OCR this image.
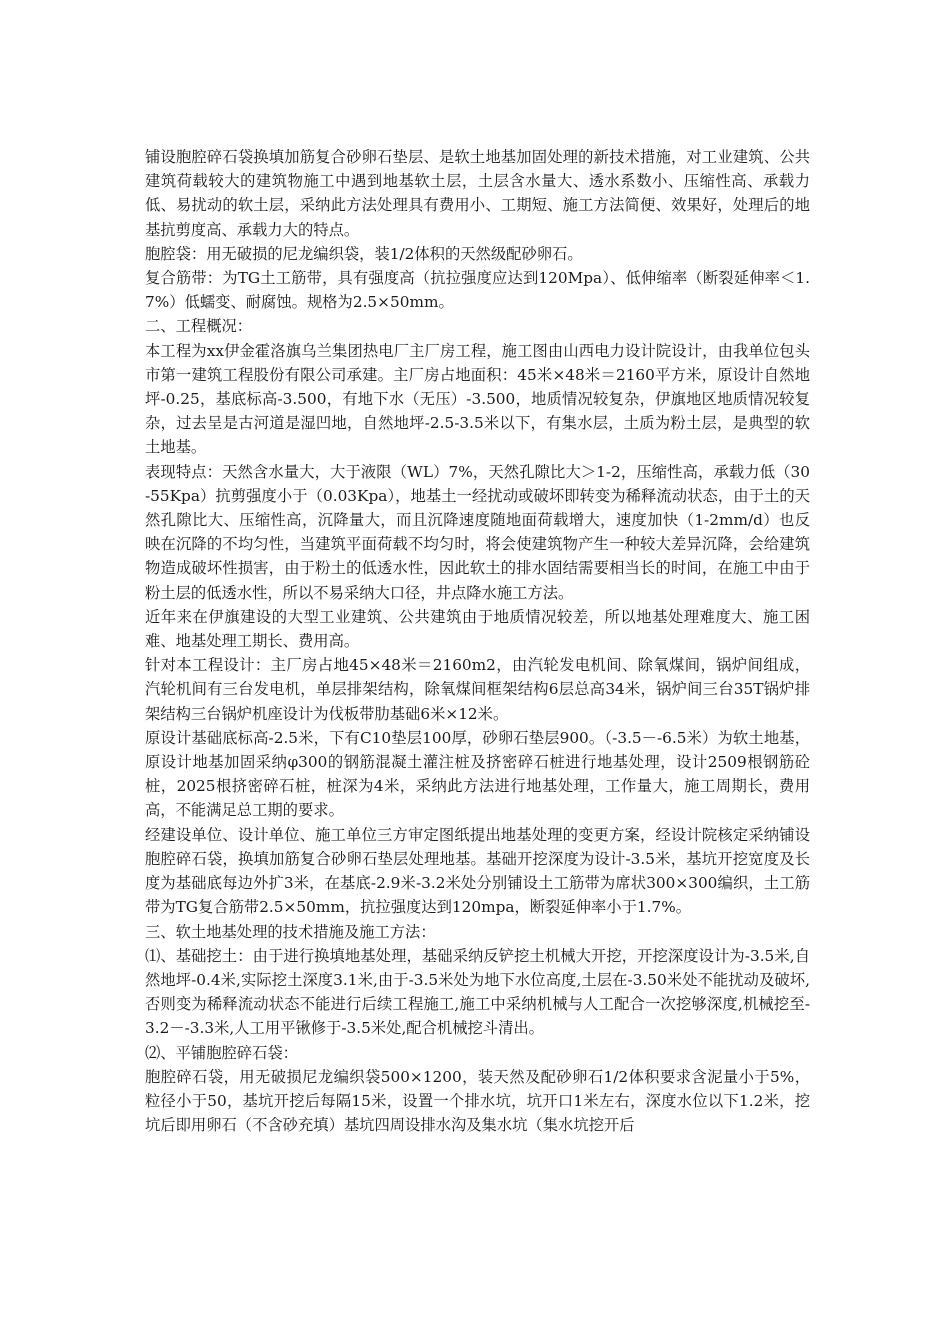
铺设胞腔碎石袋换填加筋复合砂卵石垫层、是软土地基加固处理的新技术措施，对工业建筑、公共建筑荷载较大的建筑物施工中遇到地基软土层，土层含水量大、透水系数小、压缩性高、承载力低、易扰动的软土层，采纳此方法处理具有费用小、工期短、施工方法简便、效果好，处理后的地基抗剪度高、承载力大的特点。

胞腔袋：用无破损的尼龙编织袋，装1/2体积的天然级配砂卵石。

复合筋带：为TG土工筋带，具有强度高（抗拉强度应达到120Mpa）、低伸缩率（断裂延伸率＜1.7%）低蠕变、耐腐蚀。规格为2.5×50mm。

二、工程概况：

本工程为xx伊金霍洛旗乌兰集团热电厂主厂房工程，施工图由山西电力设计院设计，由我单位包头市第一建筑工程股份有限公司承建。主厂房占地面积：45米×48米＝2160平方米，原设计自然地坪-0.25，基底标高-3.500，有地下水（无压）-3.500，地质情况较复杂，伊旗地区地质情况较复杂，过去呈是古河道是湿凹地，自然地坪-2.5-3.5米以下，有集水层，土质为粉土层，是典型的软土地基。

表现特点：天然含水量大，大于液限（WL）7%，天然孔隙比大＞1-2，压缩性高，承载力低（30-55Kpa）抗剪强度小于（0.03Kpa），地基土一经扰动或破坏即转变为稀释流动状态，由于土的天然孔隙比大、压缩性高，沉降量大，而且沉降速度随地面荷载增大，速度加快（1-2mm/d）也反映在沉降的不均匀性，当建筑平面荷载不均匀时，将会使建筑物产生一种较大差异沉降，会给建筑物造成破坏性损害，由于粉土的低透水性，因此软土的排水固结需要相当长的时间，在施工中由于粉土层的低透水性，所以不易采纳大口径，井点降水施工方法。

近年来在伊旗建设的大型工业建筑、公共建筑由于地质情况较差，所以地基处理难度大、施工困难、地基处理工期长、费用高。

针对本工程设计：主厂房占地45×48米＝2160m2，由汽轮发电机间、除氧煤间，锅炉间组成，汽轮机间有三台发电机，单层排架结构，除氧煤间框架结构6层总高34米，锅炉间三台35T锅炉排架结构三台锅炉机座设计为伐板带肋基础6米×12米。

原设计基础底标高-2.5米，下有C10垫层100厚，砂卵石垫层900。（-3.5－-6.5米）为软土地基，原设计地基加固采纳φ300的钢筋混凝土灌注桩及挤密碎石桩进行地基处理，设计2509根钢筋砼桩，2025根挤密碎石桩，桩深为4米，采纳此方法进行地基处理，工作量大，施工周期长，费用高，不能满足总工期的要求。

经建设单位、设计单位、施工单位三方审定图纸提出地基处理的变更方案，经设计院核定采纳铺设胞腔碎石袋，换填加筋复合砂卵石垫层处理地基。基础开挖深度为设计-3.5米，基坑开挖宽度及长度为基础底每边外扩3米，在基底-2.9米-3.2米处分别铺设土工筋带为席状300×300编织，土工筋带为TG复合筋带2.5×50mm，抗拉强度达到120mpa，断裂延伸率小于1.7%。

三、软土地基处理的技术措施及施工方法：

⑴、基础挖土：由于进行换填地基处理，基础采纳反铲挖土机械大开挖，开挖深度设计为-3.5米,自然地坪-0.4米,实际挖土深度3.1米,由于-3.5米处为地下水位高度,土层在-3.50米处不能扰动及破坏,否则变为稀释流动状态不能进行后续工程施工,施工中采纳机械与人工配合一次挖够深度,机械挖至-3.2－-3.3米,人工用平锹修于-3.5米处,配合机械挖斗清出。

⑵、平铺胞腔碎石袋：

胞腔碎石袋，用无破损尼龙编织袋500×1200，装天然及配砂卵石1/2体积要求含泥量小于5%，粒径小于50，基坑开挖后每隔15米，设置一个排水坑，坑开口1米左右，深度水位以下1.2米，挖坑后即用卵石（不含砂充填）基坑四周设排水沟及集水坑（集水坑挖开后
